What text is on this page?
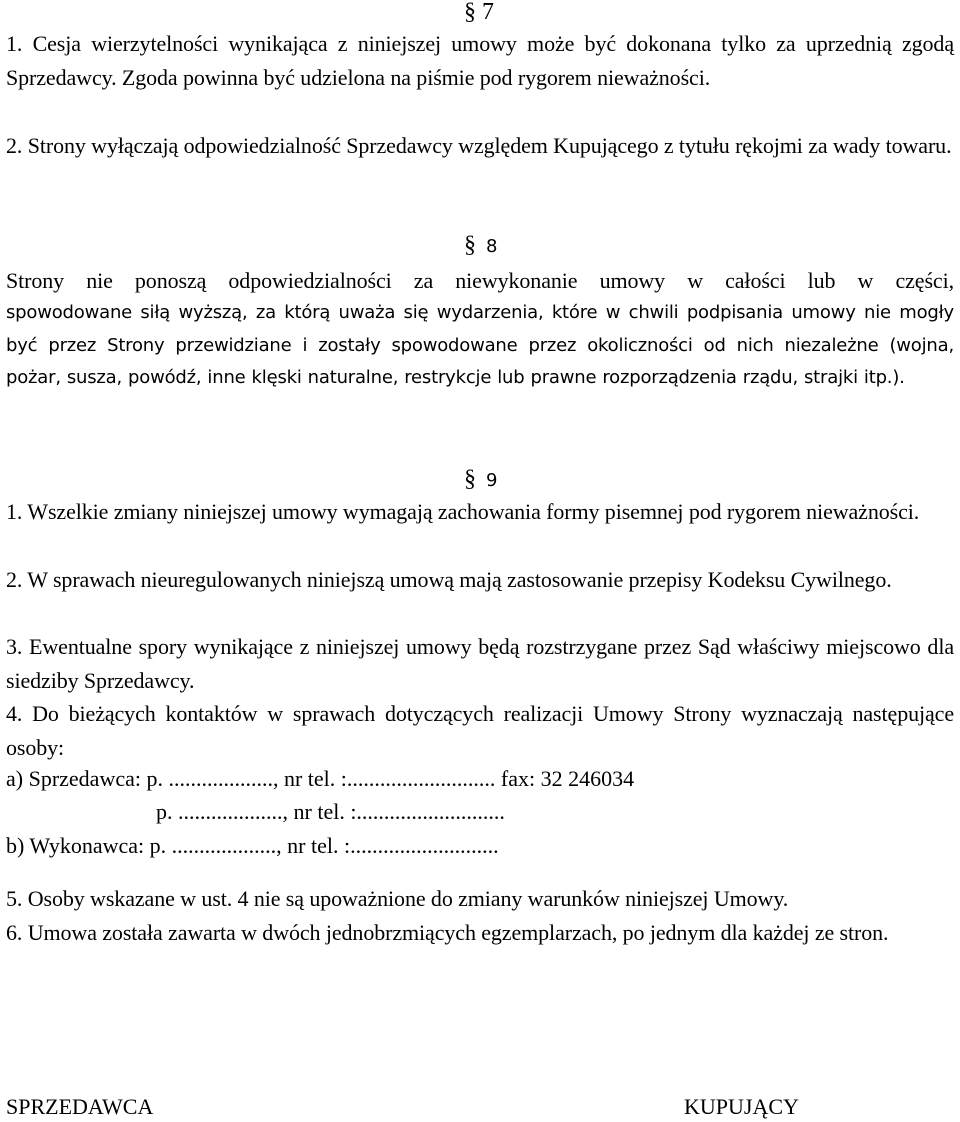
§ 7

1. Cesja wierzytelności wynikająca z niniejszej umowy może być dokonana tylko za uprzednią zgodą Sprzedawcy. Zgoda powinna być udzielona na piśmie pod rygorem nieważności.

2. Strony wyłączają odpowiedzialność Sprzedawcy względem Kupującego z tytułu rękojmi za wady towaru.

§ 8

Strony nie ponoszą odpowiedzialności za niewykonanie umowy w całości lub w części,

spowodowane siłą wyższą, za którą uważa się wydarzenia, które w chwili podpisania umowy nie mogły być przez Strony przewidziane i zostały spowodowane przez okoliczności od nich niezależne (wojna, pożar, susza, powódź, inne klęski naturalne, restrykcje lub prawne rozporządzenia rządu, strajki itp.).

§ 9

1. Wszelkie zmiany niniejszej umowy wymagają zachowania formy pisemnej pod rygorem nieważności.

2. W sprawach nieuregulowanych niniejszą umową mają zastosowanie przepisy Kodeksu Cywilnego.

3. Ewentualne spory wynikające z niniejszej umowy będą rozstrzygane przez Sąd właściwy miejscowo dla siedziby Sprzedawcy.

4. Do bieżących kontaktów w sprawach dotyczących realizacji Umowy Strony wyznaczają następujące osoby:

a) Sprzedawca: p. ..................., nr tel. :........................... fax: 32 246034
p. ..................., nr tel. :...........................
b) Wykonawca: p. ..................., nr tel. :...........................

5. Osoby wskazane w ust. 4 nie są upoważnione do zmiany warunków niniejszej Umowy.

6. Umowa została zawarta w dwóch jednobrzmiących egzemplarzach, po jednym dla każdej ze stron.

SPRZEDAWCA	KUPUJĄCY
